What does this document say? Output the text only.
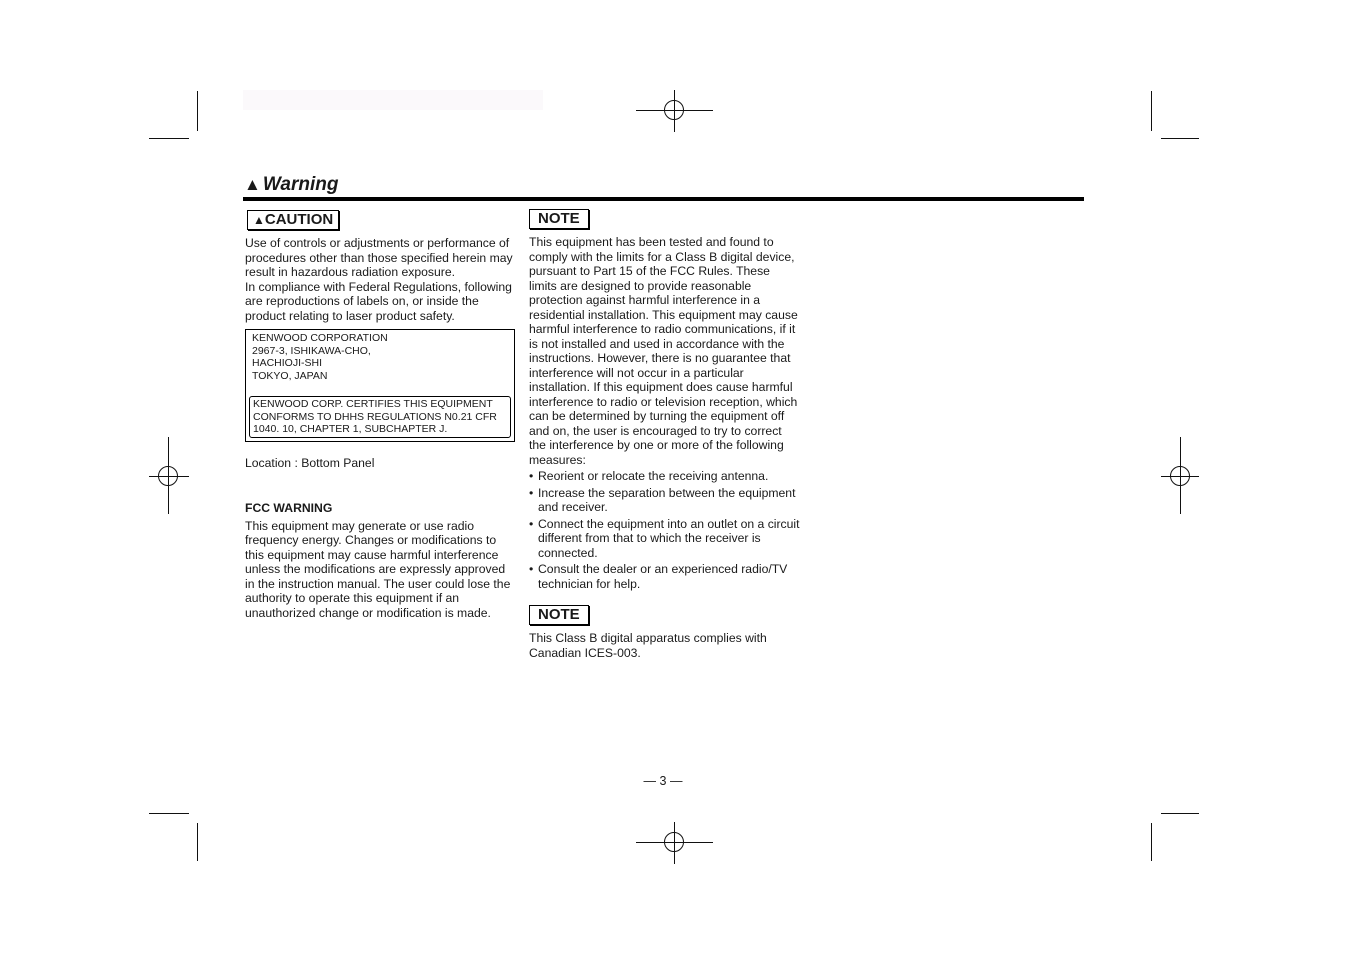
▲ Warning
▲CAUTION

Use of controls or adjustments or performance of procedures other than those specified herein may result in hazardous radiation exposure.

In compliance with Federal Regulations, following are reproductions of labels on, or inside the product relating to laser product safety.

KENWOOD CORPORATION
2967-3, ISHIKAWA-CHO,
HACHIOJI-SHI
TOKYO, JAPAN
KENWOOD CORP. CERTIFIES THIS EQUIPMENT
CONFORMS TO DHHS REGULATIONS N0.21 CFR
1040. 10, CHAPTER 1, SUBCHAPTER J.

Location : Bottom Panel

FCC WARNING

This equipment may generate or use radio frequency energy. Changes or modifications to this equipment may cause harmful interference unless the modifications are expressly approved in the instruction manual. The user could lose the authority to operate this equipment if an unauthorized change or modification is made.

NOTE

This equipment has been tested and found to comply with the limits for a Class B digital device, pursuant to Part 15 of the FCC Rules. These limits are designed to provide reasonable protection against harmful interference in a residential installation. This equipment may cause harmful interference to radio communications, if it is not installed and used in accordance with the instructions. However, there is no guarantee that interference will not occur in a particular installation. If this equipment does cause harmful interference to radio or television reception, which can be determined by turning the equipment off and on, the user is encouraged to try to correct the interference by one or more of the following measures:

• Reorient or relocate the receiving antenna.
• Increase the separation between the equipment and receiver.
• Connect the equipment into an outlet on a circuit different from that to which the receiver is connected.
• Consult the dealer or an experienced radio/TV technician for help.
NOTE

This Class B digital apparatus complies with Canadian ICES-003.

— 3 —
